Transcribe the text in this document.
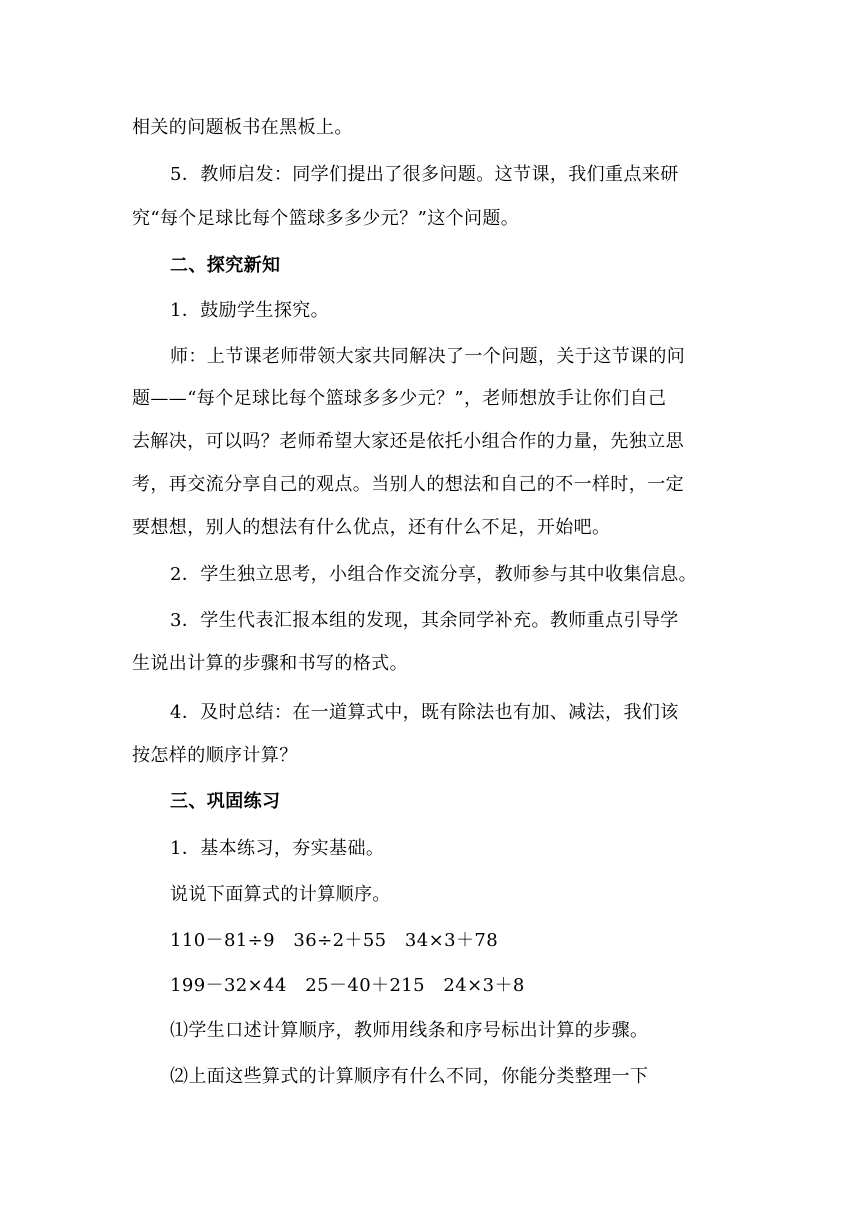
相关的问题板书在黑板上。
5．教师启发：同学们提出了很多问题。这节课，我们重点来研
究“每个足球比每个篮球多多少元？”这个问题。
二、探究新知
1．鼓励学生探究。
师：上节课老师带领大家共同解决了一个问题，关于这节课的问
题——“每个足球比每个篮球多多少元？”，老师想放手让你们自己
去解决，可以吗？老师希望大家还是依托小组合作的力量，先独立思
考，再交流分享自己的观点。当别人的想法和自己的不一样时，一定
要想想，别人的想法有什么优点，还有什么不足，开始吧。
2．学生独立思考，小组合作交流分享，教师参与其中收集信息。
3．学生代表汇报本组的发现，其余同学补充。教师重点引导学
生说出计算的步骤和书写的格式。
4．及时总结：在一道算式中，既有除法也有加、减法，我们该
按怎样的顺序计算？
三、巩固练习
1．基本练习，夯实基础。
说说下面算式的计算顺序。
110－81÷9　36÷2＋55　34×3＋78
199－32×44　25－40＋215　24×3＋8
⑴学生口述计算顺序，教师用线条和序号标出计算的步骤。
⑵上面这些算式的计算顺序有什么不同，你能分类整理一下
